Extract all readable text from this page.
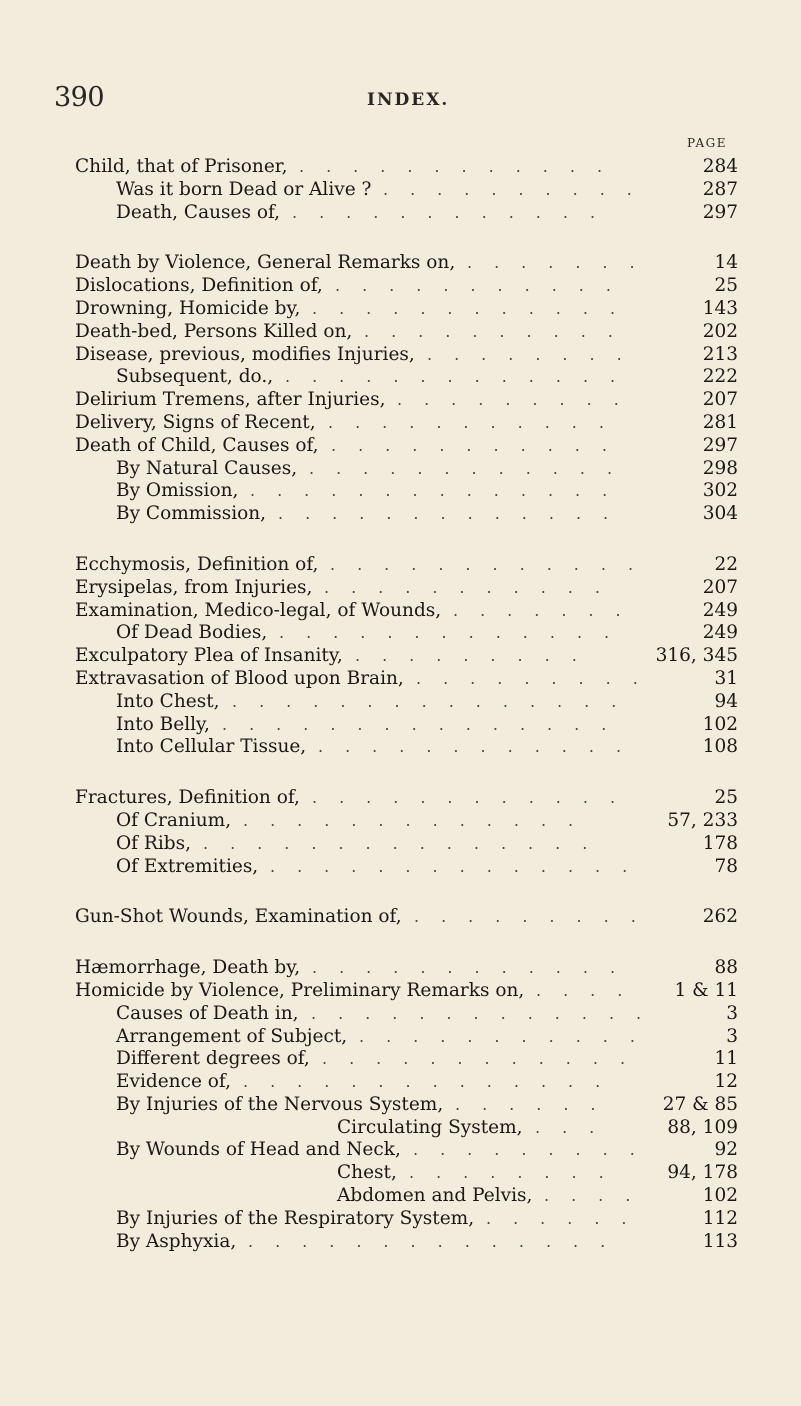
390	INDEX.
PAGE
Child, that of Prisoner,	284
............
Was it born Dead or Alive ?	287
..........
Death, Causes of,	297
............
Death by Violence, General Remarks on,	14
.......
Dislocations, Definition of,	25
...........
Drowning, Homicide by,	143
............
Death-bed, Persons Killed on,	202
..........
Disease, previous, modifies Injuries,	213
........
Subsequent, do.,	222
.............
Delirium Tremens, after Injuries,	207
.........
Delivery, Signs of Recent,	281
...........
Death of Child, Causes of,	297
...........
By Natural Causes,	298
............
By Omission,	302
..............
By Commission,	304
.............
Ecchymosis, Definition of,	22
............
Erysipelas, from Injuries,	207
...........
Examination, Medico-legal, of Wounds,	249
.......
Of Dead Bodies,	249
.............
Exculpatory Plea of Insanity,	316, 345
.........
Extravasation of Blood upon Brain,	31
.........
Into Chest,	94
...............
Into Belly,	102
...............
Into Cellular Tissue,	108
............
Fractures, Definition of,	25
............
Of Cranium,	57, 233
.............
Of Ribs,	178
...............
Of Extremities,	78
..............
Gun-Shot Wounds, Examination of,	262
.........
Hæmorrhage, Death by,	88
............
Homicide by Violence, Preliminary Remarks on,	1 & 11
....
Causes of Death in,	3
.............
Arrangement of Subject,	3
...........
Different degrees of,	11
............
Evidence of,	12
..............
By Injuries of the Nervous System,	27 & 85
......
Circulating System,	88, 109
...
By Wounds of Head and Neck,	92
.........
Chest,	94, 178
........
Abdomen and Pelvis,	102
....
By Injuries of the Respiratory System,	112
......
By Asphyxia,	113
..............
